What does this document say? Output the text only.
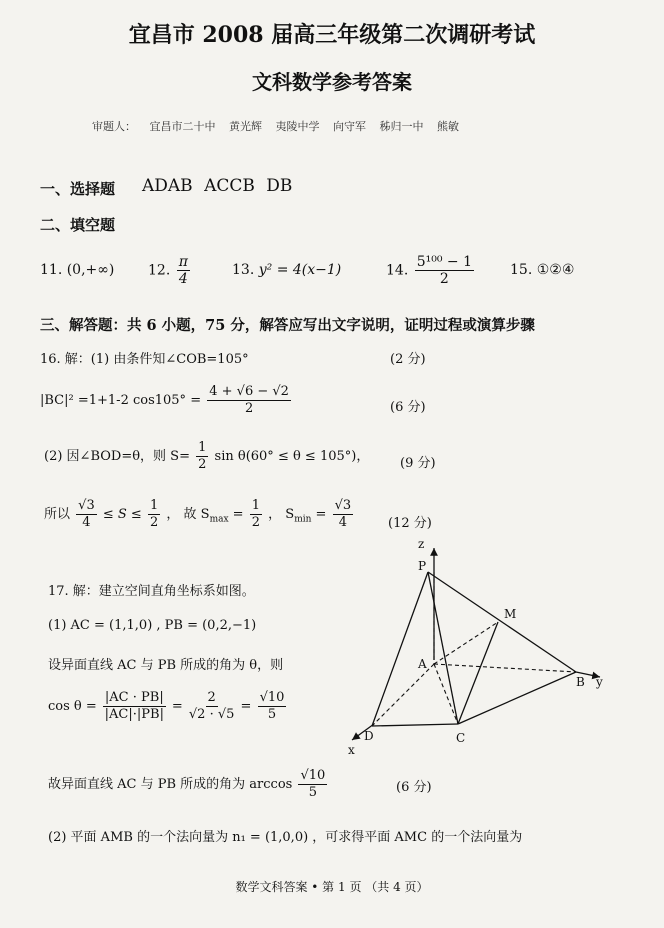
宜昌市 2008 届高三年级第二次调研考试
文科数学参考答案
审题人： 宜昌市二十中 黄光辉 夷陵中学 向守军 秭归一中 熊敏
一、选择题 ADAB ACCB DB
二、填空题
11. (0,+∞) 12. $\frac{\pi}{4}$	13. y² = 4(x−1)	14. $\frac{\text{5¹⁰⁰ − 1}}{2}$	15. ①②④
三、解答题：共 6 小题，75 分，解答应写出文字说明，证明过程或演算步骤
16. 解：(1) 由条件知∠COB=105°	(2 分)
|BC|² =1+1-2 $\cos 105^\circ = \frac{4 + √6 - √2}{2}$	(6 分)
(2) 因∠BOD=θ，则 $S= \frac{1}{2}$ sin θ(60° ≤ θ ≤ 105°)， (9 分)
所以 $\frac{√3}{4} \le S \le \frac{1}{2}$ ， 故 $S_{max} = \frac{1}{2}$ ， $S_{min} = \frac{√3}{4}$	(12 分)
17. 解：建立空间直角坐标系如图。
(1) AC = (1,1,0) , PB = (0,2,−1)
设异面直线 AC 与 PB 所成的角为 θ，则
$\cos \theta = \frac{|AC \cdot PB|}{|AC|\cdot|PB|} = \frac{2}{√2 \cdot √5} = \frac{√10}{5}$
故异面直线 AC 与 PB 所成的角为 $\arccos \frac{√10}{5}$	(6 分)
(2) 平面 AMB 的一个法向量为 n₁ = (1,0,0) ，可求得平面 AMC 的一个法向量为
z
P
M
A
B y
D	C
x
数学文科答案 • 第 1 页 （共 4 页）
